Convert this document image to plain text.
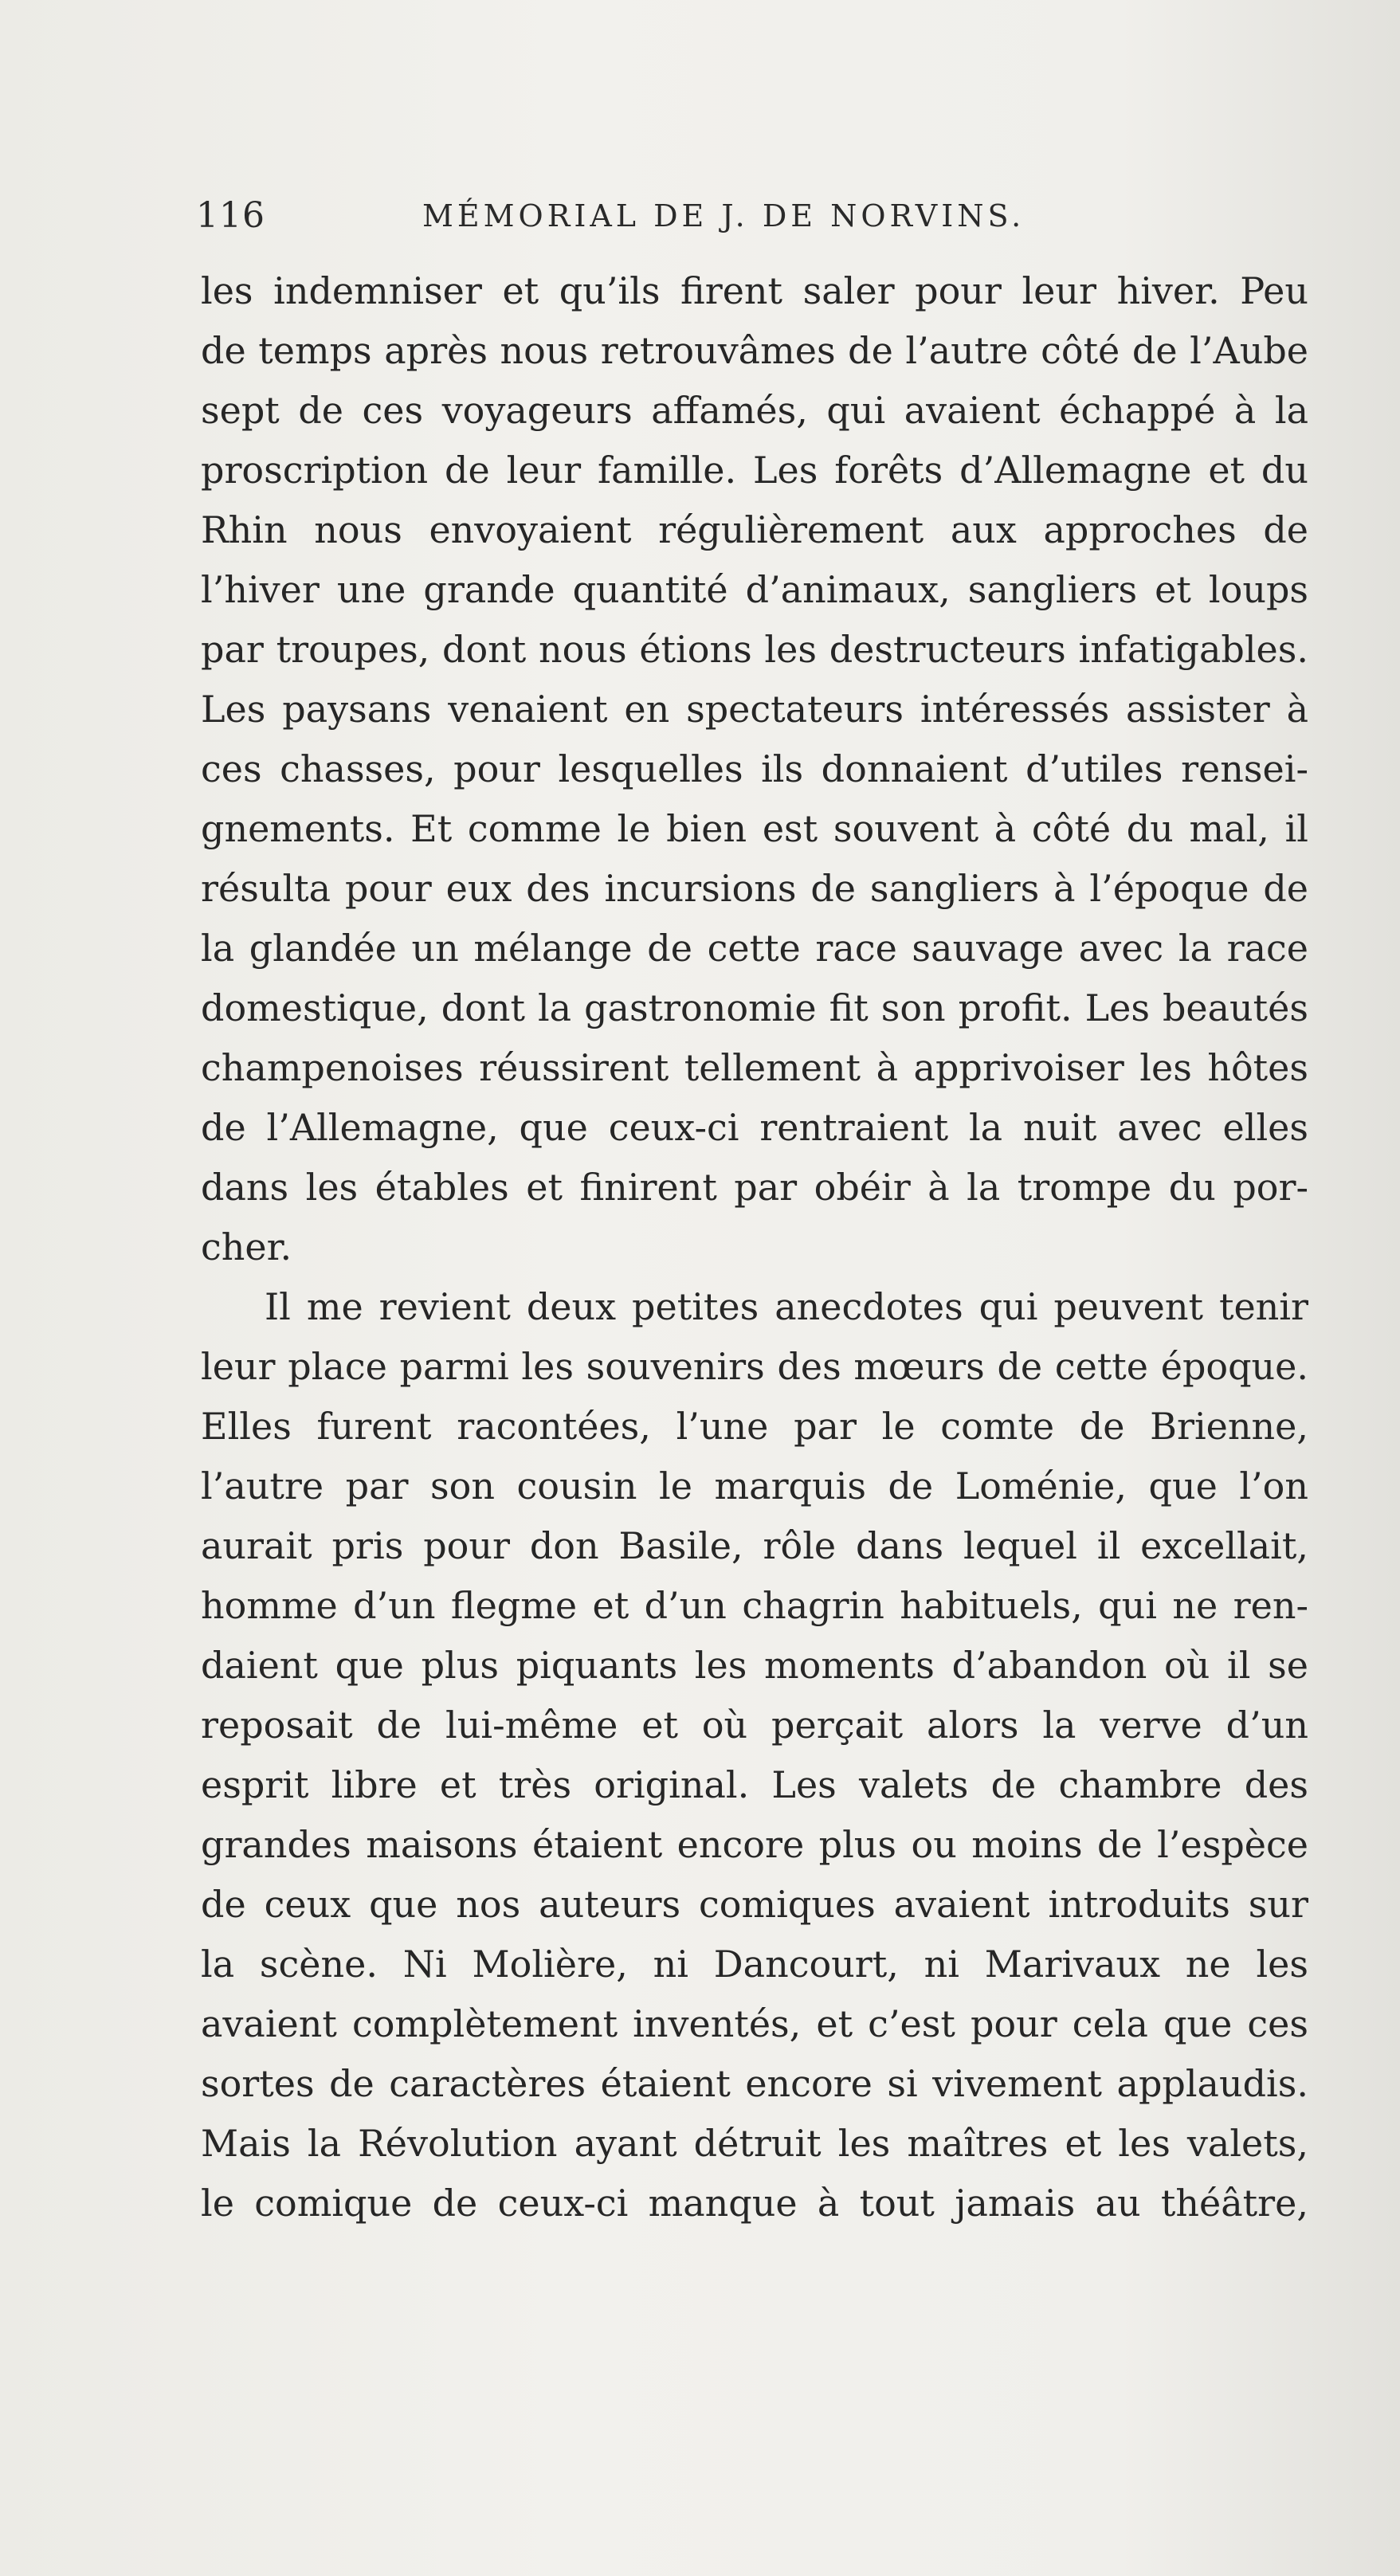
116	MÉMORIAL DE J. DE NORVINS.
les indemniser et qu’ils firent saler pour leur hiver. Peu
de temps après nous retrouvâmes de l’autre côté de l’Aube
sept de ces voyageurs affamés, qui avaient échappé à la
proscription de leur famille. Les forêts d’Allemagne et du
Rhin nous envoyaient régulièrement aux approches de
l’hiver une grande quantité d’animaux, sangliers et loups
par troupes, dont nous étions les destructeurs infatigables.
Les paysans venaient en spectateurs intéressés assister à
ces chasses, pour lesquelles ils donnaient d’utiles rensei-
gnements. Et comme le bien est souvent à côté du mal, il
résulta pour eux des incursions de sangliers à l’époque de
la glandée un mélange de cette race sauvage avec la race
domestique, dont la gastronomie fit son profit. Les beautés
champenoises réussirent tellement à apprivoiser les hôtes
de l’Allemagne, que ceux-ci rentraient la nuit avec elles
dans les étables et finirent par obéir à la trompe du por-
cher.
Il me revient deux petites anecdotes qui peuvent tenir
leur place parmi les souvenirs des mœurs de cette époque.
Elles furent racontées, l’une par le comte de Brienne,
l’autre par son cousin le marquis de Loménie, que l’on
aurait pris pour don Basile, rôle dans lequel il excellait,
homme d’un flegme et d’un chagrin habituels, qui ne ren-
daient que plus piquants les moments d’abandon où il se
reposait de lui-même et où perçait alors la verve d’un
esprit libre et très original. Les valets de chambre des
grandes maisons étaient encore plus ou moins de l’espèce
de ceux que nos auteurs comiques avaient introduits sur
la scène. Ni Molière, ni Dancourt, ni Marivaux ne les
avaient complètement inventés, et c’est pour cela que ces
sortes de caractères étaient encore si vivement applaudis.
Mais la Révolution ayant détruit les maîtres et les valets,
le comique de ceux-ci manque à tout jamais au théâtre,
